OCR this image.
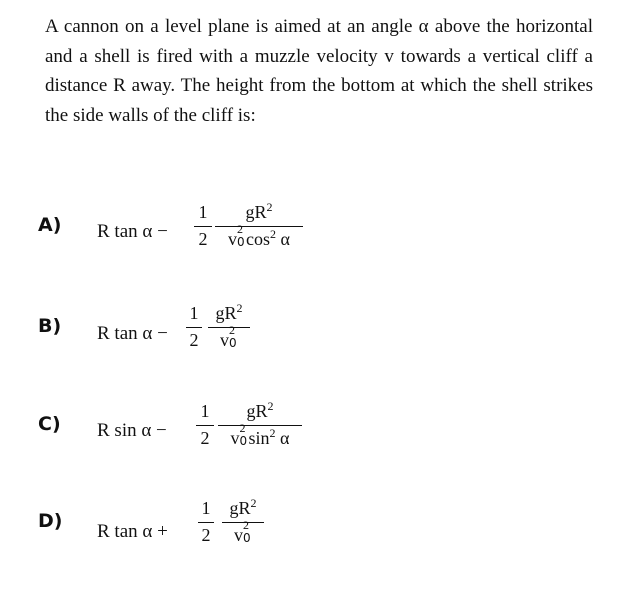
A cannon on a level plane is aimed at an angle α above the horizontal and a shell is fired with a muzzle velocity v towards a vertical cliff a distance R away. The height from the bottom at which the shell strikes the side walls of the cliff is:

A) R tan α −
1
2
$gR^2$
v 2
0 $\cos^2 \alpha$
B) R tan α −
1
2
$gR^2$
v 2
0

C) R sin α −
1
2
$gR^2$
v 2
0 $\sin^2 \alpha$
D) R tan α +
1
2
$gR^2$
v 2
0
